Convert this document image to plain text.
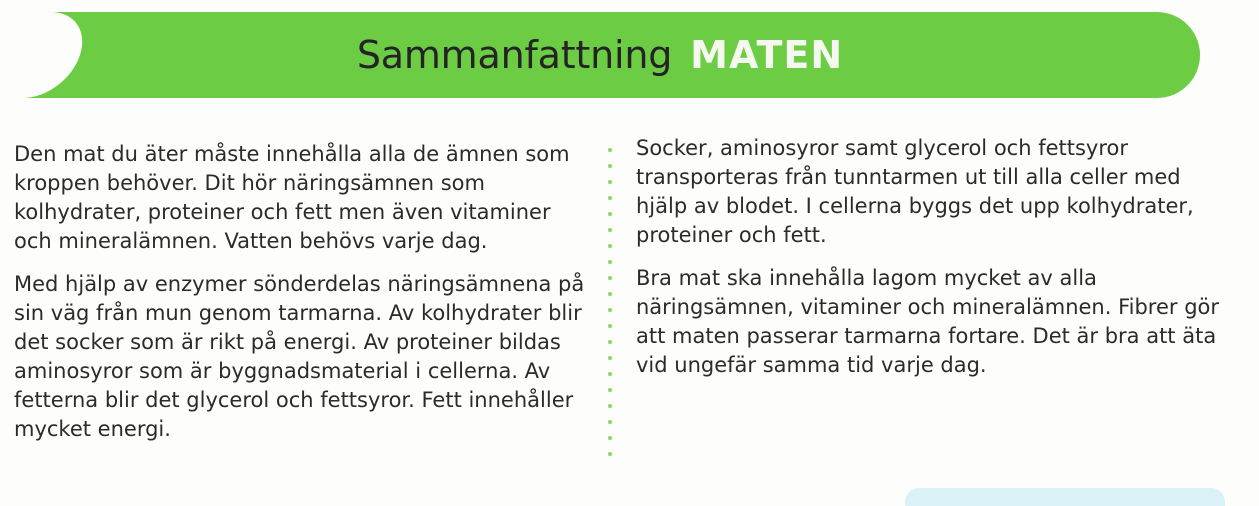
Sammanfattning MATEN

Den mat du äter måste innehålla alla de ämnen som kroppen behöver. Dit hör näringsämnen som kolhydrater, proteiner och fett men även vitaminer och mineralämnen. Vatten behövs varje dag.

Med hjälp av enzymer sönderdelas näringsämnena på sin väg från mun genom tarmarna. Av kolhydrater blir det socker som är rikt på energi. Av proteiner bildas aminosyror som är byggnadsmaterial i cellerna. Av fetterna blir det glycerol och fettsyror. Fett innehåller mycket energi.

Socker, aminosyror samt glycerol och fettsyror transporteras från tunntarmen ut till alla celler med hjälp av blodet. I cellerna byggs det upp kolhydrater, proteiner och fett.

Bra mat ska innehålla lagom mycket av alla näringsämnen, vitaminer och mineralämnen. Fibrer gör att maten passerar tarmarna fortare. Det är bra att äta vid ungefär samma tid varje dag.
